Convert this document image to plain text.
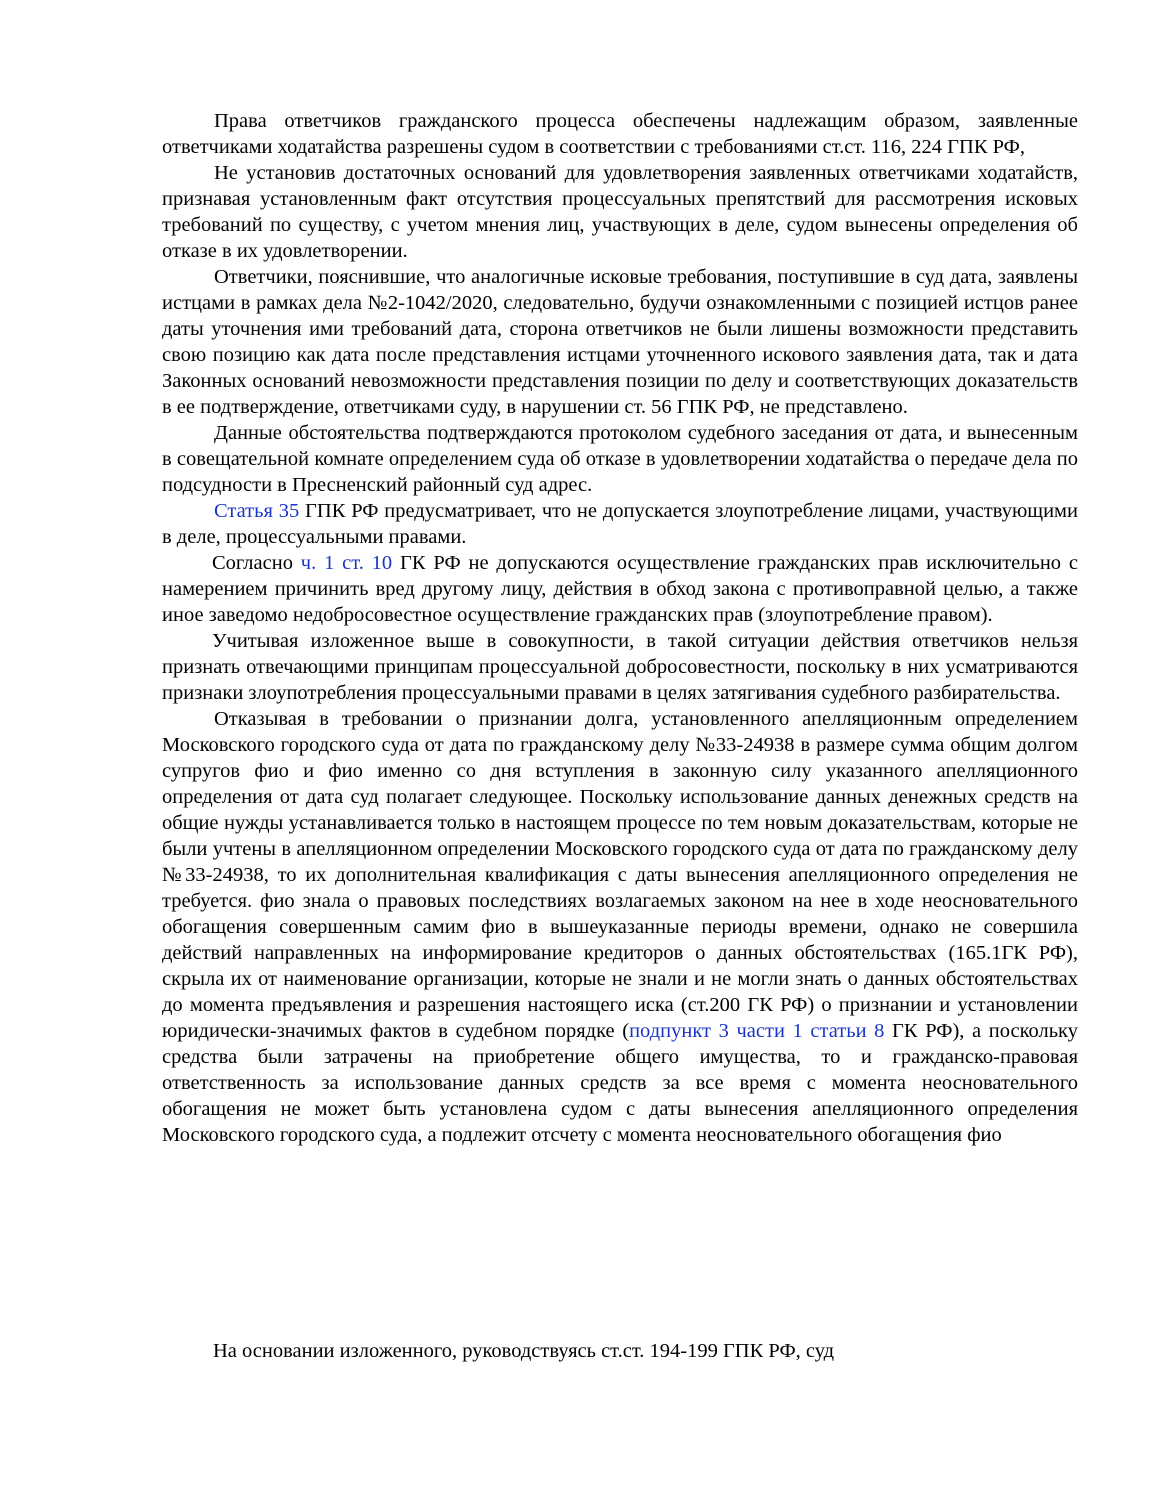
Права ответчиков гражданского процесса обеспечены надлежащим образом, заявленные ответчиками ходатайства разрешены судом в соответствии с требованиями ст.ст. 116, 224 ГПК РФ,

Не установив достаточных оснований для удовлетворения заявленных ответчиками ходатайств, признавая установленным факт отсутствия процессуальных препятствий для рассмотрения исковых требований по существу, с учетом мнения лиц, участвующих в деле, судом вынесены определения об отказе в их удовлетворении.

Ответчики, пояснившие, что аналогичные исковые требования, поступившие в суд дата, заявлены истцами в рамках дела №2-1042/2020, следовательно, будучи ознакомленными с позицией истцов ранее даты уточнения ими требований дата, сторона ответчиков не были лишены возможности представить свою позицию как дата после представления истцами уточненного искового заявления дата, так и дата Законных оснований невозможности представления позиции по делу и соответствующих доказательств в ее подтверждение, ответчиками суду, в нарушении ст. 56 ГПК РФ, не представлено.

Данные обстоятельства подтверждаются протоколом судебного заседания от дата, и вынесенным в совещательной комнате определением суда об отказе в удовлетворении ходатайства о передаче дела по подсудности в Пресненский районный суд адрес.

Статья 35 ГПК РФ предусматривает, что не допускается злоупотребление лицами, участвующими в деле, процессуальными правами.

Согласно ч. 1 ст. 10 ГК РФ не допускаются осуществление гражданских прав исключительно с намерением причинить вред другому лицу, действия в обход закона с противоправной целью, а также иное заведомо недобросовестное осуществление гражданских прав (злоупотребление правом).

Учитывая изложенное выше в совокупности, в такой ситуации действия ответчиков нельзя признать отвечающими принципам процессуальной добросовестности, поскольку в них усматриваются признаки злоупотребления процессуальными правами в целях затягивания судебного разбирательства.

Отказывая в требовании о признании долга, установленного апелляционным определением Московского городского суда от дата по гражданскому делу №33-24938 в размере сумма общим долгом супругов фио и фио именно со дня вступления в законную силу указанного апелляционного определения от дата суд полагает следующее. Поскольку использование данных денежных средств на общие нужды устанавливается только в настоящем процессе по тем новым доказательствам, которые не были учтены в апелляционном определении Московского городского суда от дата по гражданскому делу №33-24938, то их дополнительная квалификация с даты вынесения апелляционного определения не требуется. фио знала о правовых последствиях возлагаемых законом на нее в ходе неосновательного обогащения совершенным самим фио в вышеуказанные периоды времени, однако не совершила действий направленных на информирование кредиторов о данных обстоятельствах (165.1ГК РФ), скрыла их от наименование организации, которые не знали и не могли знать о данных обстоятельствах до момента предъявления и разрешения настоящего иска (ст.200 ГК РФ) о признании и установлении юридически-значимых фактов в судебном порядке (подпункт 3 части 1 статьи 8 ГК РФ), а поскольку средства были затрачены на приобретение общего имущества, то и гражданско-правовая ответственность за использование данных средств за все время с момента неосновательного обогащения не может быть установлена судом с даты вынесения апелляционного определения Московского городского суда, а подлежит отсчету с момента неосновательного обогащения фио

На основании изложенного, руководствуясь ст.ст. 194-199 ГПК РФ, суд
